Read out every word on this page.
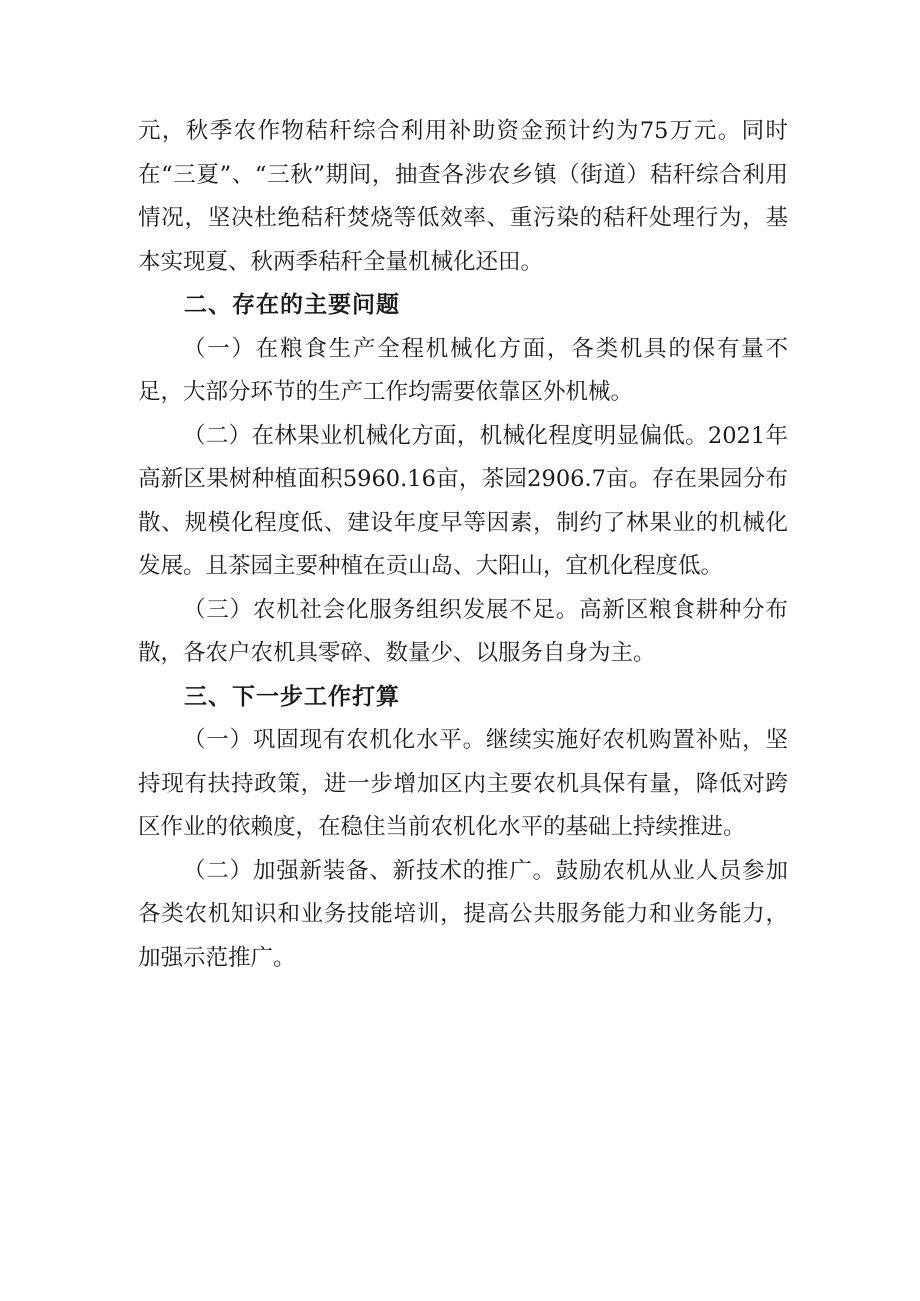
元，秋季农作物秸秆综合利用补助资金预计约为75万元。同时在“三夏”、“三秋”期间，抽查各涉农乡镇（街道）秸秆综合利用情况，坚决杜绝秸秆焚烧等低效率、重污染的秸秆处理行为，基本实现夏、秋两季秸秆全量机械化还田。

二、存在的主要问题

（一）在粮食生产全程机械化方面，各类机具的保有量不足，大部分环节的生产工作均需要依靠区外机械。

（二）在林果业机械化方面，机械化程度明显偏低。2021年高新区果树种植面积5960.16亩，茶园2906.7亩。存在果园分布散、规模化程度低、建设年度早等因素，制约了林果业的机械化发展。且茶园主要种植在贡山岛、大阳山，宜机化程度低。

（三）农机社会化服务组织发展不足。高新区粮食耕种分布散，各农户农机具零碎、数量少、以服务自身为主。

三、下一步工作打算

（一）巩固现有农机化水平。继续实施好农机购置补贴，坚持现有扶持政策，进一步增加区内主要农机具保有量，降低对跨区作业的依赖度，在稳住当前农机化水平的基础上持续推进。

（二）加强新装备、新技术的推广。鼓励农机从业人员参加各类农机知识和业务技能培训，提高公共服务能力和业务能力，加强示范推广。
